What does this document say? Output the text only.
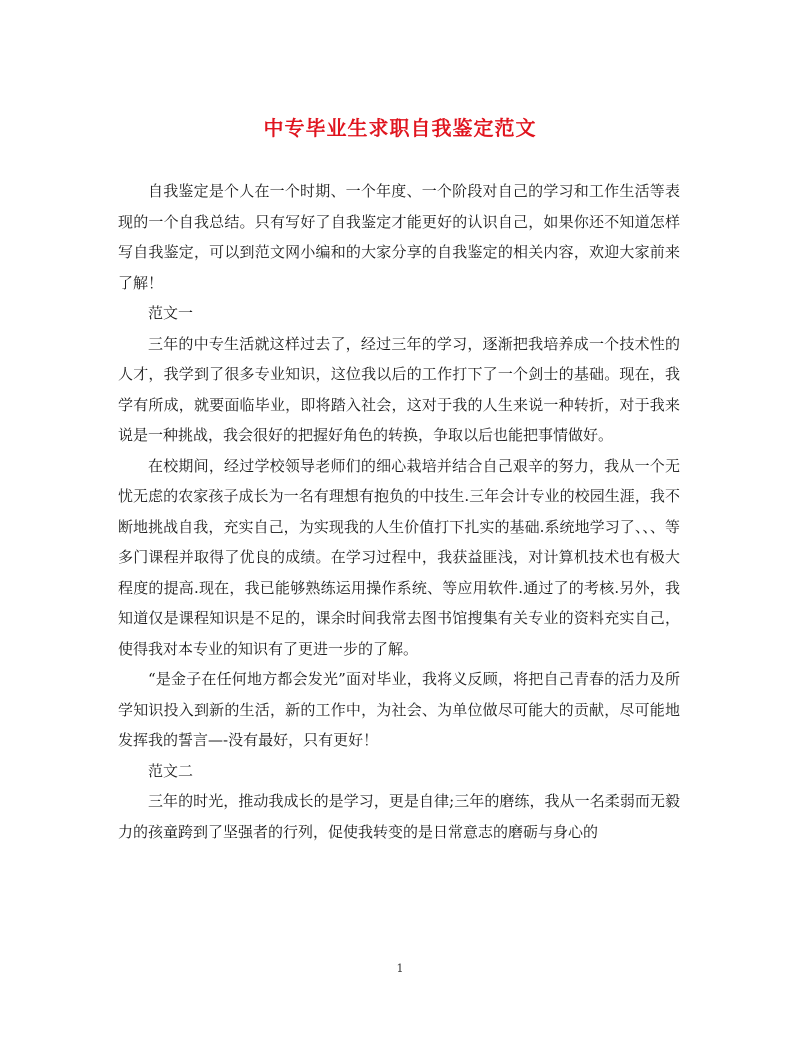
中专毕业生求职自我鉴定范文

自我鉴定是个人在一个时期、一个年度、一个阶段对自己的学习和工作生活等表现的一个自我总结。只有写好了自我鉴定才能更好的认识自己，如果你还不知道怎样写自我鉴定，可以到范文网小编和的大家分享的自我鉴定的相关内容，欢迎大家前来了解！

范文一

三年的中专生活就这样过去了，经过三年的学习，逐渐把我培养成一个技术性的人才，我学到了很多专业知识，这位我以后的工作打下了一个剑士的基础。现在，我学有所成，就要面临毕业，即将踏入社会，这对于我的人生来说一种转折，对于我来说是一种挑战，我会很好的把握好角色的转换，争取以后也能把事情做好。

在校期间，经过学校领导老师们的细心栽培并结合自己艰辛的努力，我从一个无忧无虑的农家孩子成长为一名有理想有抱负的中技生.三年会计专业的校园生涯，我不断地挑战自我，充实自己，为实现我的人生价值打下扎实的基础.系统地学习了、、、等多门课程并取得了优良的成绩。在学习过程中，我获益匪浅，对计算机技术也有极大程度的提高.现在，我已能够熟练运用操作系统、等应用软件.通过了的考核.另外，我知道仅是课程知识是不足的，课余时间我常去图书馆搜集有关专业的资料充实自己，使得我对本专业的知识有了更进一步的了解。

“是金子在任何地方都会发光”面对毕业，我将义反顾，将把自己青春的活力及所学知识投入到新的生活，新的工作中，为社会、为单位做尽可能大的贡献，尽可能地发挥我的誓言—-没有最好，只有更好！

范文二

三年的时光，推动我成长的是学习，更是自律;三年的磨练，我从一名柔弱而无毅力的孩童跨到了坚强者的行列，促使我转变的是日常意志的磨砺与身心的

1
